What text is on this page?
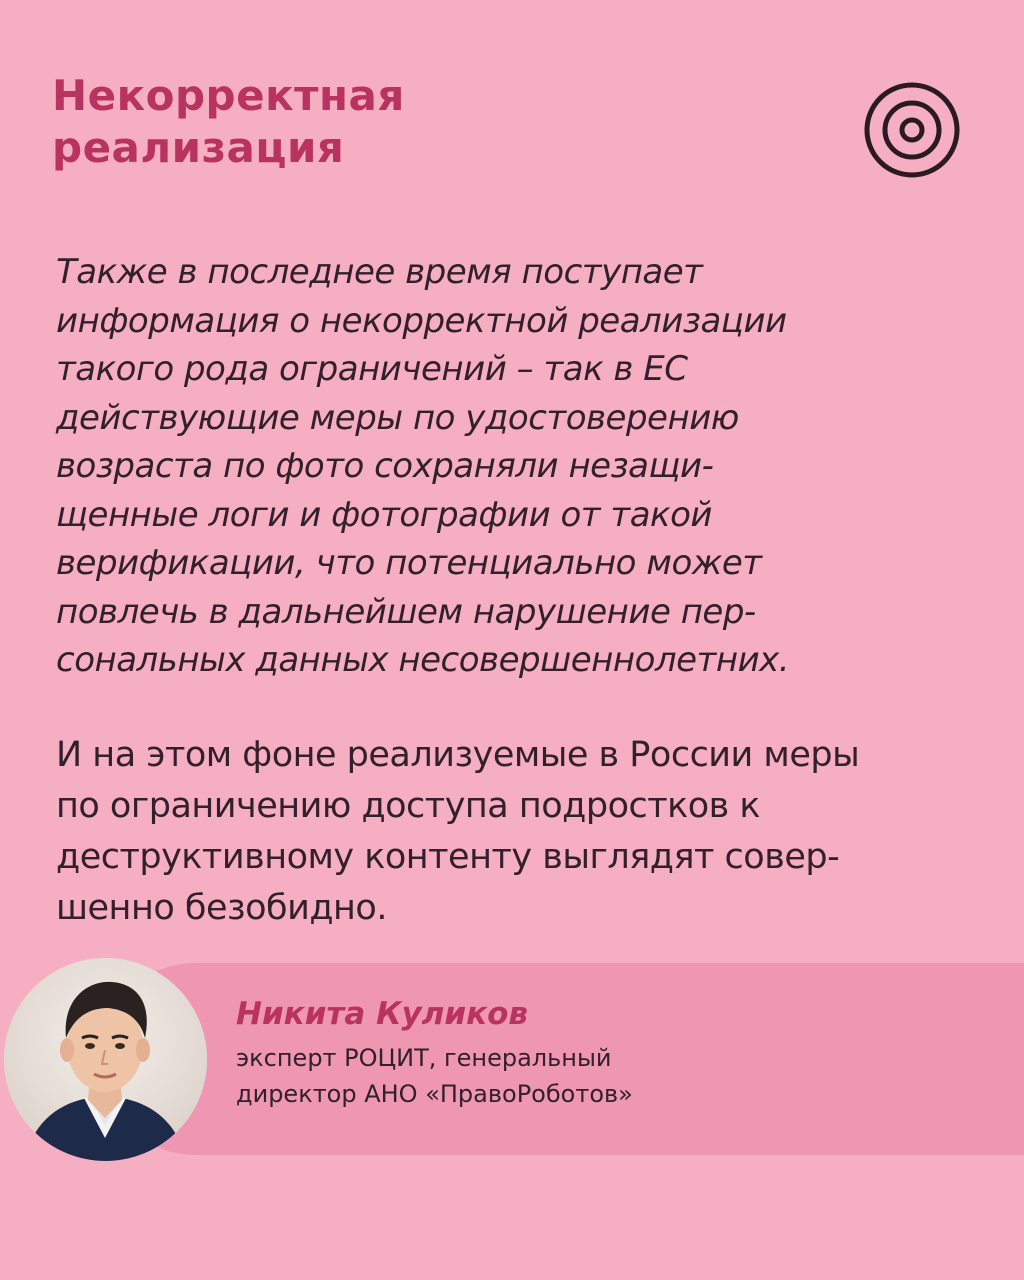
Некорректная
реализация

Также в последнее время поступает
информация о некорректной реализации
такого рода ограничений – так в ЕС
действующие меры по удостоверению
возраста по фото сохраняли незащи-
щенные логи и фотографии от такой
верификации, что потенциально может
повлечь в дальнейшем нарушение пер-
сональных данных несовершеннолетних.

И на этом фоне реализуемые в России меры
по ограничению доступа подростков к
деструктивному контенту выглядят совер-
шенно безобидно.

Никита Куликов

эксперт РОЦИТ, генеральный
директор АНО «ПравоРоботов»
